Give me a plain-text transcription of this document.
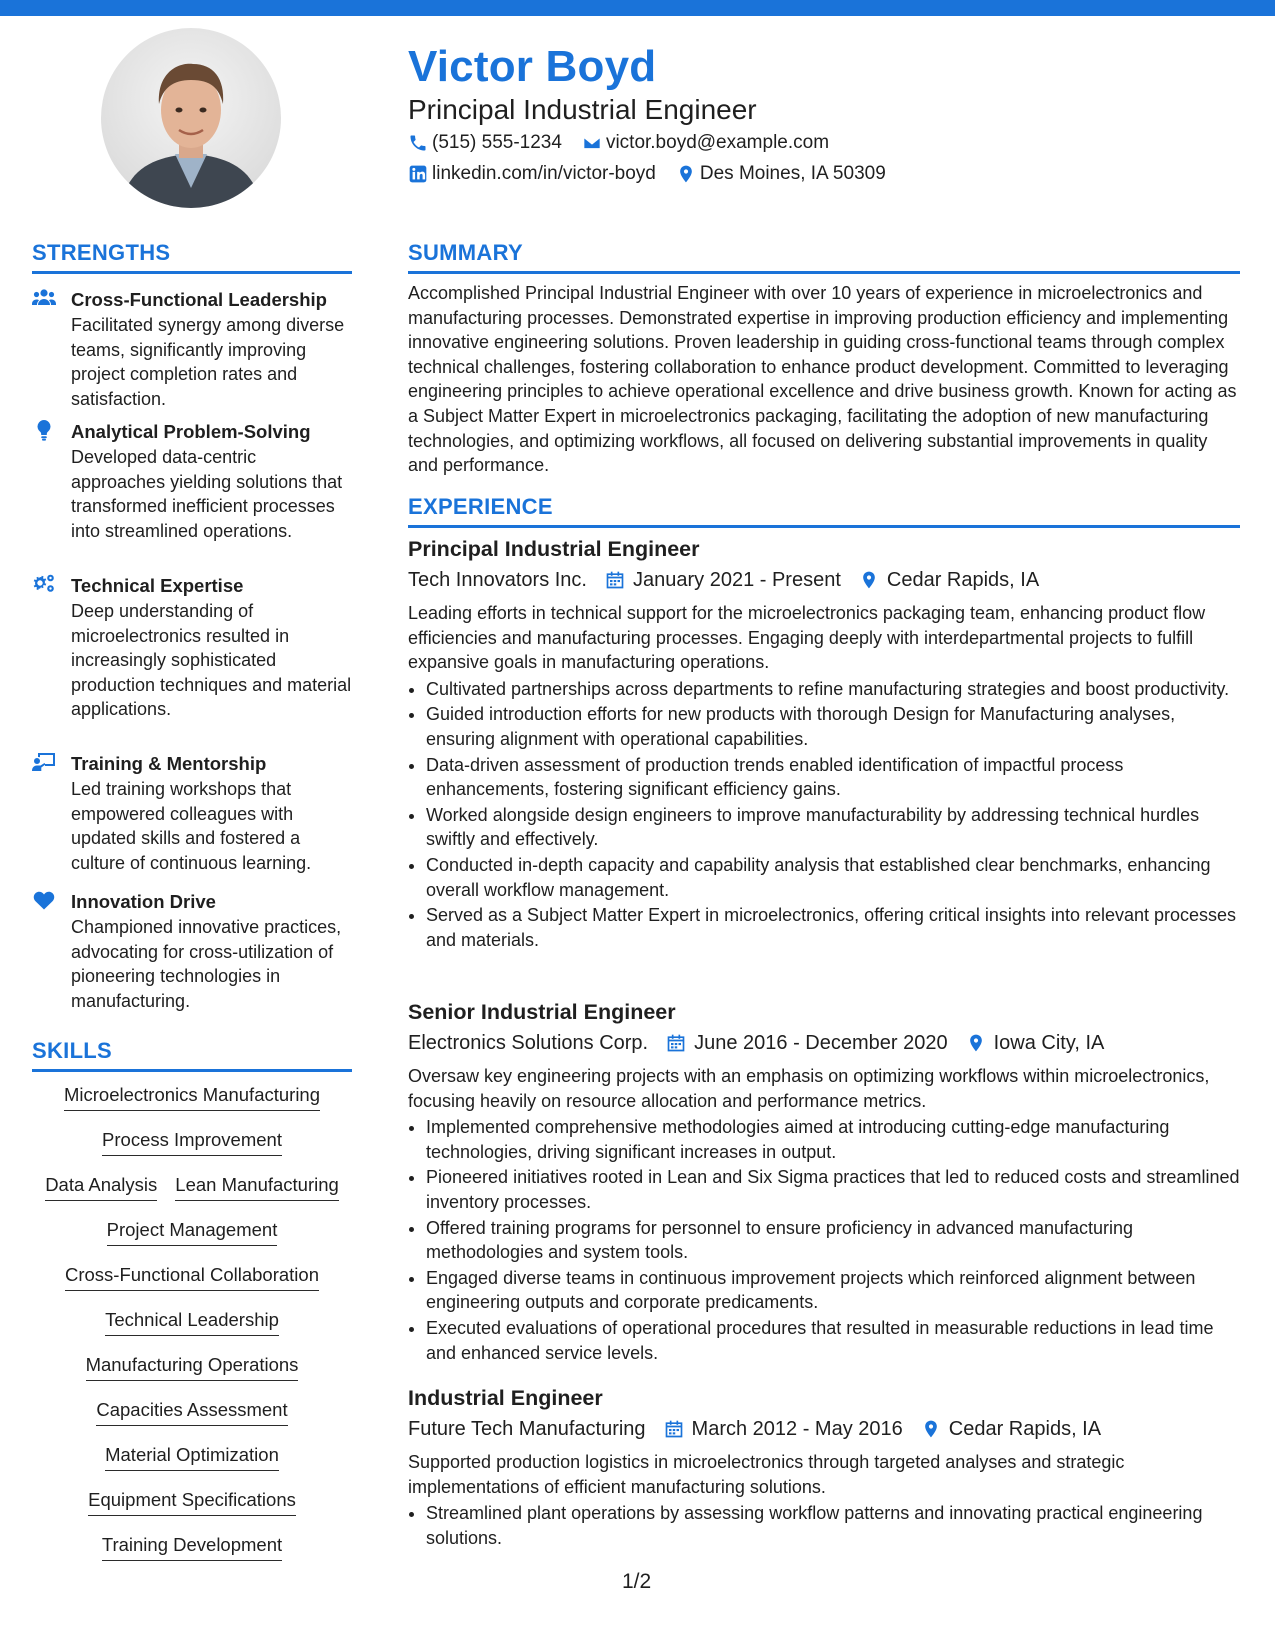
Victor Boyd
Principal Industrial Engineer
(515) 555-1234 victor.boyd@example.com
linkedin.com/in/victor-boyd Des Moines, IA 50309
STRENGTHS
Cross-Functional Leadership
Facilitated synergy among diverse teams, significantly improving project completion rates and satisfaction.
Analytical Problem-Solving
Developed data-centric approaches yielding solutions that transformed inefficient processes into streamlined operations.
Technical Expertise
Deep understanding of microelectronics resulted in increasingly sophisticated production techniques and material applications.
Training & Mentorship
Led training workshops that empowered colleagues with updated skills and fostered a culture of continuous learning.
Innovation Drive
Championed innovative practices, advocating for cross-utilization of pioneering technologies in manufacturing.
SKILLS
Microelectronics Manufacturing
Process Improvement
Data Analysis Lean Manufacturing
Project Management
Cross-Functional Collaboration
Technical Leadership
Manufacturing Operations
Capacities Assessment
Material Optimization
Equipment Specifications
Training Development
SUMMARY

Accomplished Principal Industrial Engineer with over 10 years of experience in microelectronics and manufacturing processes. Demonstrated expertise in improving production efficiency and implementing innovative engineering solutions. Proven leadership in guiding cross-functional teams through complex technical challenges, fostering collaboration to enhance product development. Committed to leveraging engineering principles to achieve operational excellence and drive business growth. Known for acting as a Subject Matter Expert in microelectronics packaging, facilitating the adoption of new manufacturing technologies, and optimizing workflows, all focused on delivering substantial improvements in quality and performance.

EXPERIENCE
Principal Industrial Engineer
Tech Innovators Inc. January 2021 - Present Cedar Rapids, IA
Leading efforts in technical support for the microelectronics packaging team, enhancing product flow efficiencies and manufacturing processes. Engaging deeply with interdepartmental projects to fulfill expansive goals in manufacturing operations.
• Cultivated partnerships across departments to refine manufacturing strategies and boost productivity.
• Guided introduction efforts for new products with thorough Design for Manufacturing analyses, ensuring alignment with operational capabilities.
• Data-driven assessment of production trends enabled identification of impactful process enhancements, fostering significant efficiency gains.
• Worked alongside design engineers to improve manufacturability by addressing technical hurdles swiftly and effectively.
• Conducted in-depth capacity and capability analysis that established clear benchmarks, enhancing overall workflow management.
• Served as a Subject Matter Expert in microelectronics, offering critical insights into relevant processes and materials.
Senior Industrial Engineer
Electronics Solutions Corp. June 2016 - December 2020 Iowa City, IA
Oversaw key engineering projects with an emphasis on optimizing workflows within microelectronics, focusing heavily on resource allocation and performance metrics.
• Implemented comprehensive methodologies aimed at introducing cutting-edge manufacturing technologies, driving significant increases in output.
• Pioneered initiatives rooted in Lean and Six Sigma practices that led to reduced costs and streamlined inventory processes.
• Offered training programs for personnel to ensure proficiency in advanced manufacturing methodologies and system tools.
• Engaged diverse teams in continuous improvement projects which reinforced alignment between engineering outputs and corporate predicaments.
• Executed evaluations of operational procedures that resulted in measurable reductions in lead time and enhanced service levels.
Industrial Engineer
Future Tech Manufacturing March 2012 - May 2016 Cedar Rapids, IA
Supported production logistics in microelectronics through targeted analyses and strategic implementations of efficient manufacturing solutions.
• Streamlined plant operations by assessing workflow patterns and innovating practical engineering solutions.
1/2
